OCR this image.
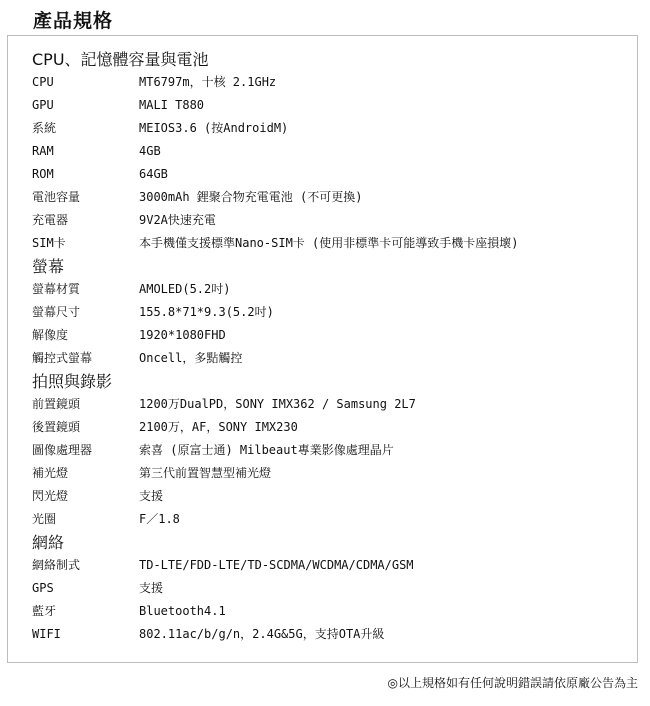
產品規格
CPU、記憶體容量與電池
CPU	MT6797m，十核 2.1GHz
GPU	MALI T880
系統	MEIOS3.6 (按AndroidM)
RAM	4GB
ROM	64GB
電池容量	3000mAh 鋰聚合物充電電池 (不可更換)
充電器	9V2A快速充電
SIM卡	本手機僅支援標準Nano-SIM卡 (使用非標準卡可能導致手機卡座損壞)
螢幕
螢幕材質	AMOLED(5.2吋)
螢幕尺寸	155.8*71*9.3(5.2吋)
解像度	1920*1080FHD
觸控式螢幕	Oncell，多點觸控
拍照與錄影
前置鏡頭	1200万DualPD，SONY IMX362 / Samsung 2L7
後置鏡頭	2100万，AF，SONY IMX230
圖像處理器	索喜 (原富士通) Milbeaut專業影像處理晶片
補光燈	第三代前置智慧型補光燈
閃光燈	支援
光圈	F／1.8
網絡
網絡制式	TD-LTE/FDD-LTE/TD-SCDMA/WCDMA/CDMA/GSM
GPS	支援
藍牙	Bluetooth4.1
WIFI	802.11ac/b/g/n，2.4G&5G，支持OTA升級
◎以上規格如有任何說明錯誤請依原廠公告為主
